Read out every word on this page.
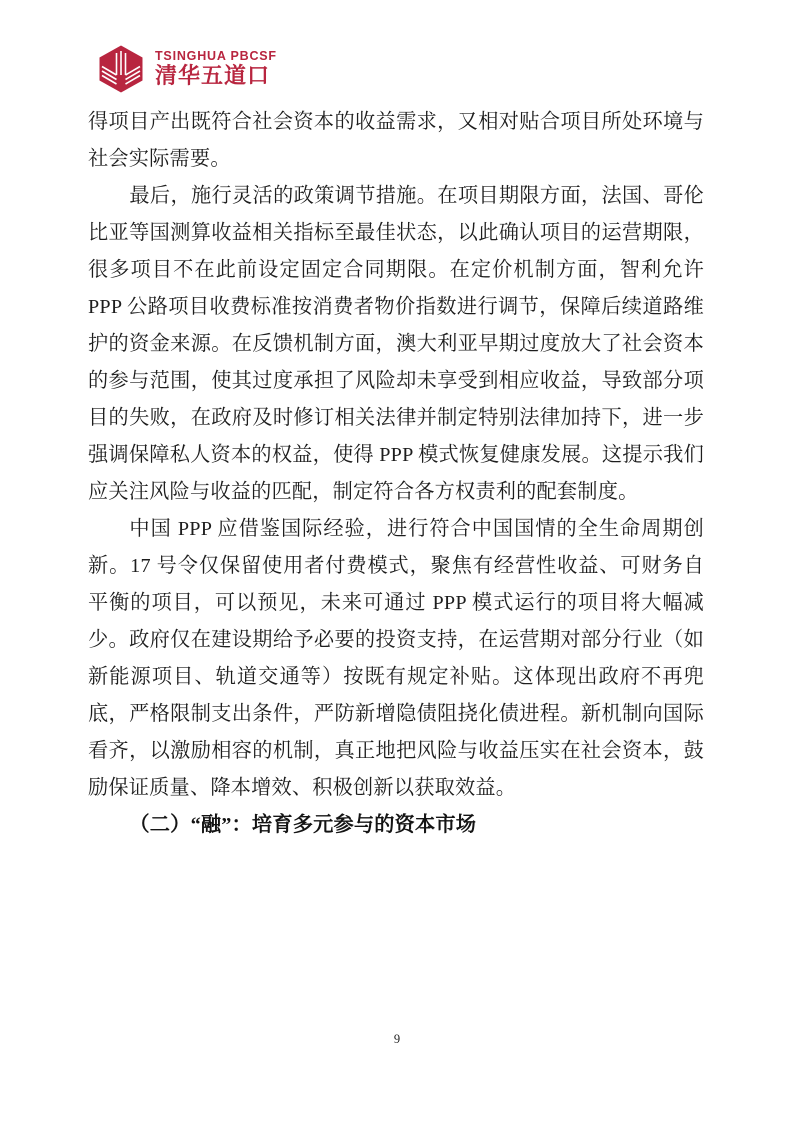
TSINGHUA PBCSF
清华五道口

得项目产出既符合社会资本的收益需求，又相对贴合项目所处环境与社会实际需要。

最后，施行灵活的政策调节措施。在项目期限方面，法国、哥伦比亚等国测算收益相关指标至最佳状态，以此确认项目的运营期限，很多项目不在此前设定固定合同期限。在定价机制方面，智利允许 PPP 公路项目收费标准按消费者物价指数进行调节，保障后续道路维护的资金来源。在反馈机制方面，澳大利亚早期过度放大了社会资本的参与范围，使其过度承担了风险却未享受到相应收益，导致部分项目的失败，在政府及时修订相关法律并制定特别法律加持下，进一步强调保障私人资本的权益，使得 PPP 模式恢复健康发展。这提示我们应关注风险与收益的匹配，制定符合各方权责利的配套制度。

中国 PPP 应借鉴国际经验，进行符合中国国情的全生命周期创新。17 号令仅保留使用者付费模式，聚焦有经营性收益、可财务自平衡的项目，可以预见，未来可通过 PPP 模式运行的项目将大幅减少。政府仅在建设期给予必要的投资支持，在运营期对部分行业（如新能源项目、轨道交通等）按既有规定补贴。这体现出政府不再兜底，严格限制支出条件，严防新增隐债阻挠化债进程。新机制向国际看齐，以激励相容的机制，真正地把风险与收益压实在社会资本，鼓励保证质量、降本增效、积极创新以获取效益。

（二）“融”：培育多元参与的资本市场

9
